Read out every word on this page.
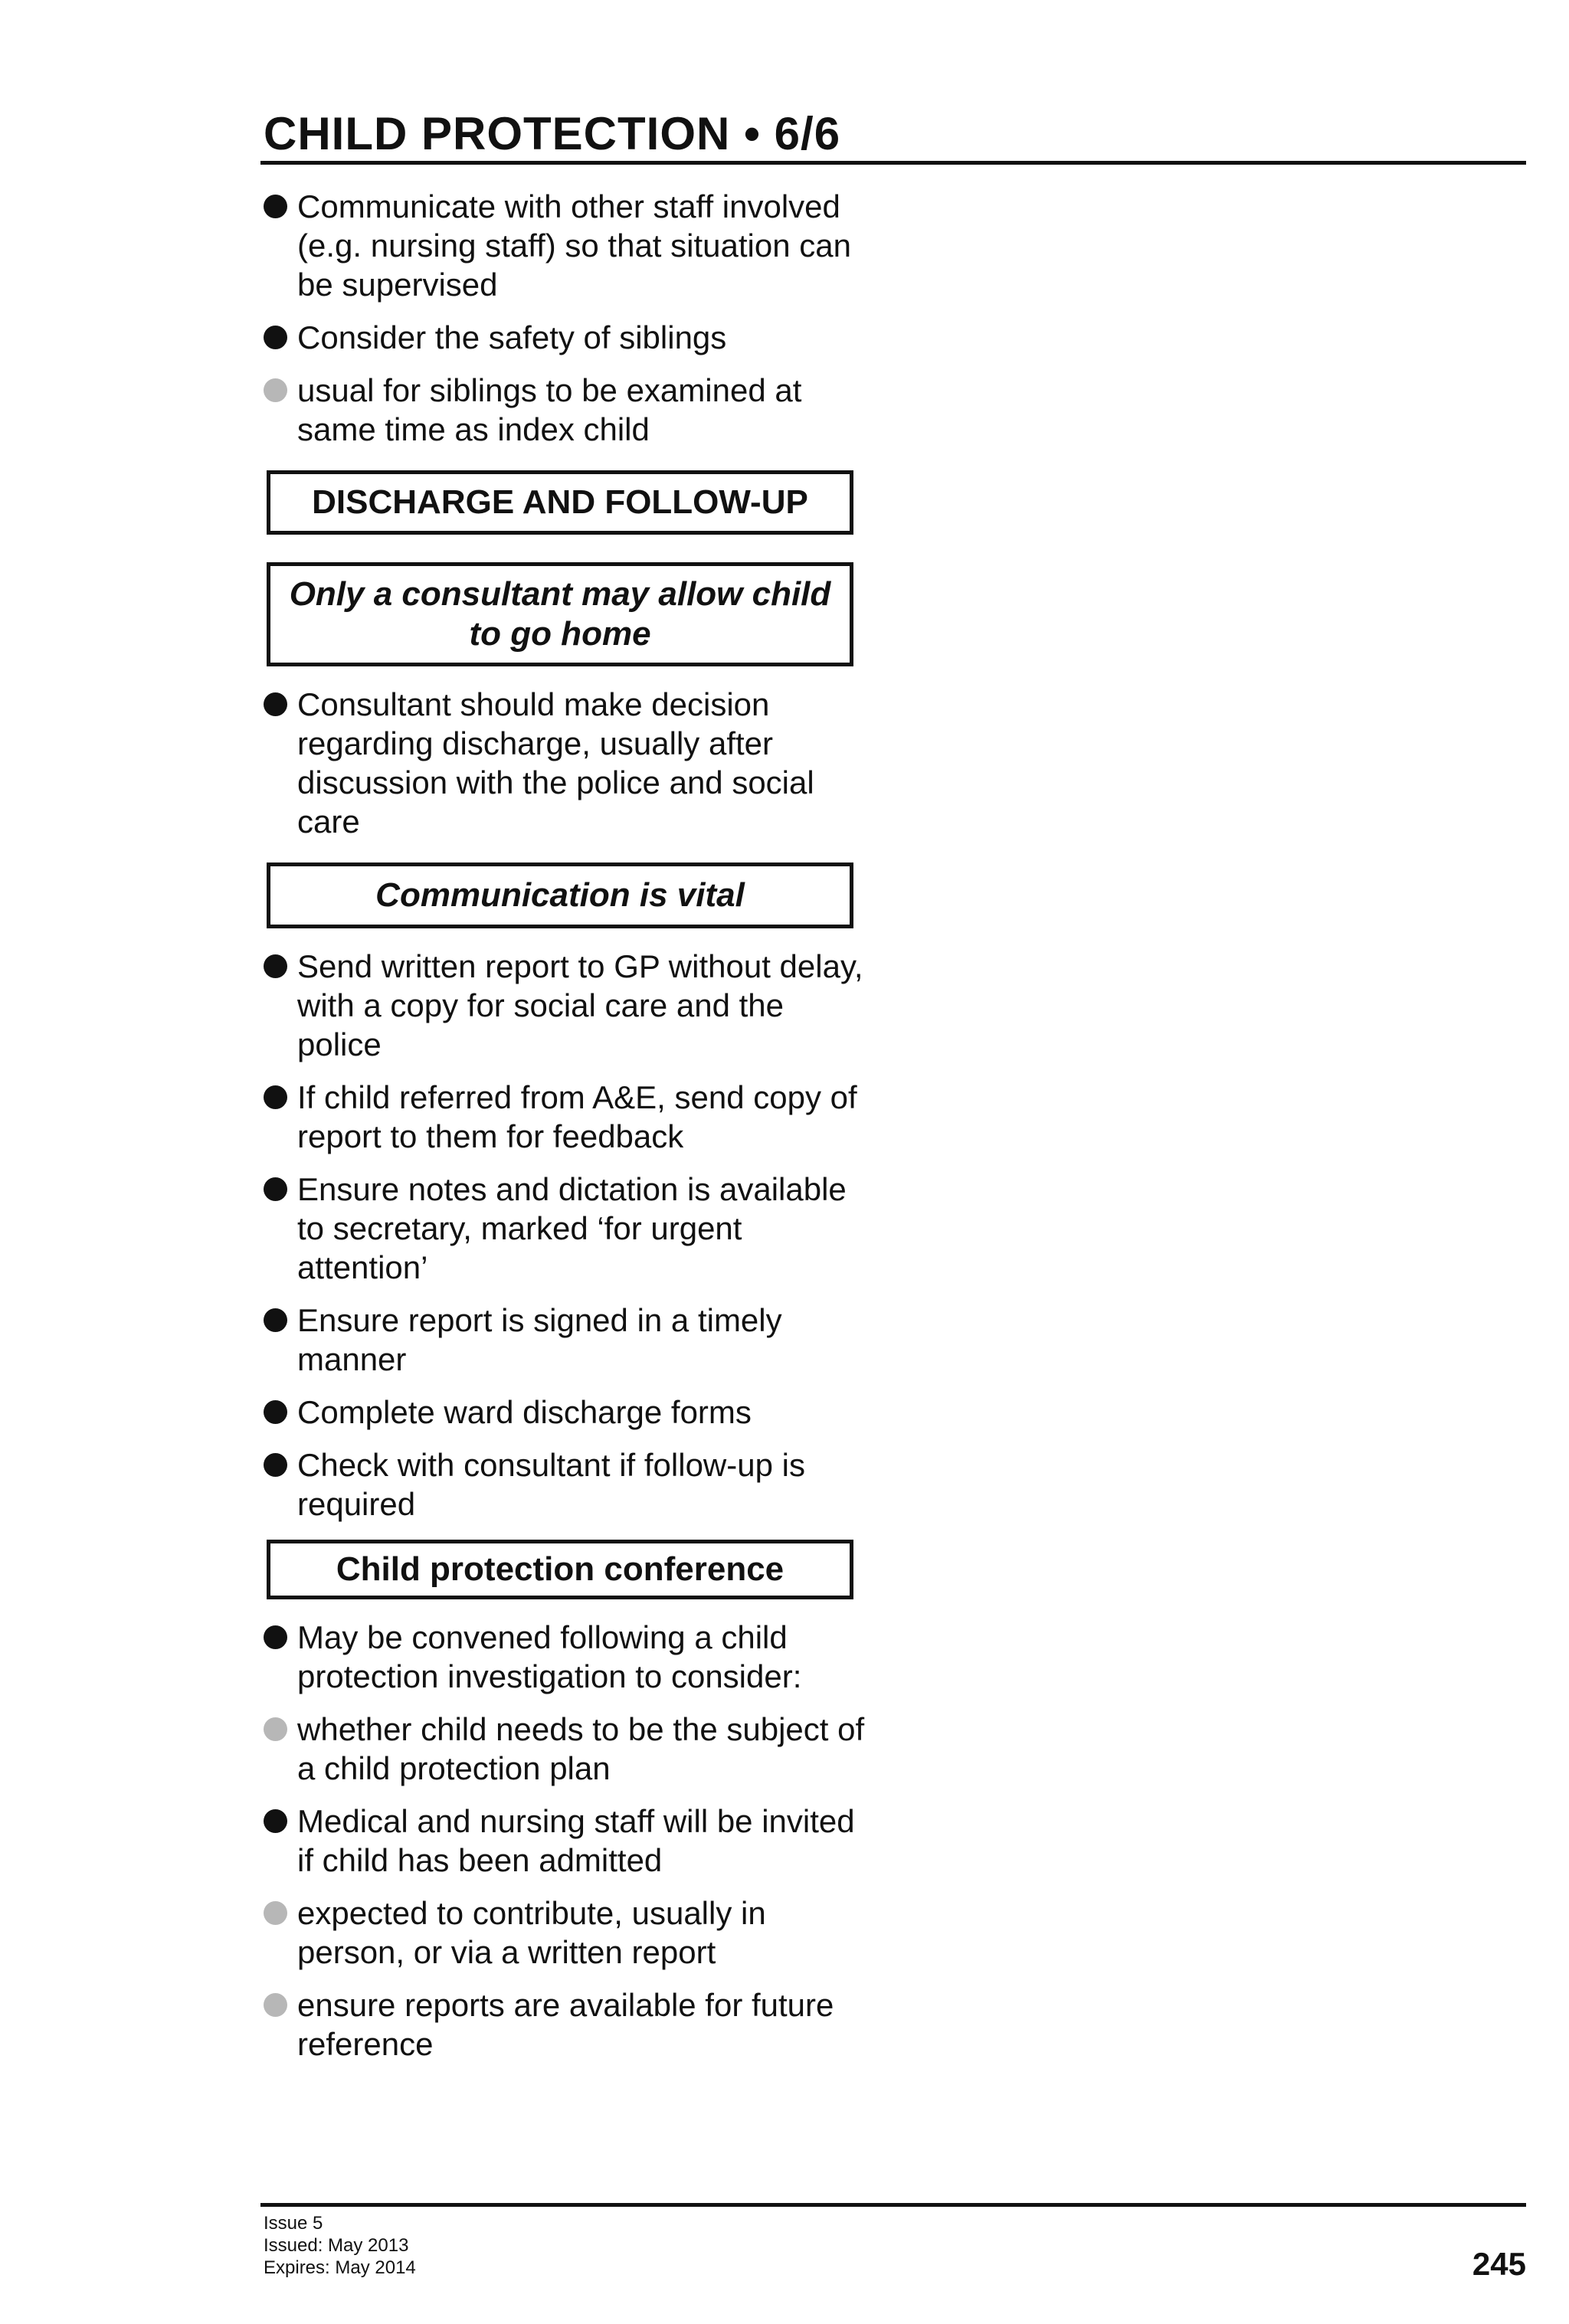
CHILD PROTECTION • 6/6
Communicate with other staff involved (e.g. nursing staff) so that situation can be supervised
Consider the safety of siblings
usual for siblings to be examined at same time as index child
DISCHARGE AND FOLLOW-UP
Only a consultant may allow child to go home
Consultant should make decision regarding discharge, usually after discussion with the police and social care
Communication is vital
Send written report to GP without delay, with a copy for social care and the police
If child referred from A&E, send copy of report to them for feedback
Ensure notes and dictation is available to secretary, marked ‘for urgent attention’
Ensure report is signed in a timely manner
Complete ward discharge forms
Check with consultant if follow-up is required
Child protection conference
May be convened following a child protection investigation to consider:
whether child needs to be the subject of a child protection plan
Medical and nursing staff will be invited if child has been admitted
expected to contribute, usually in person, or via a written report
ensure reports are available for future reference
Issue 5
Issued: May 2013
Expires: May 2014	245
